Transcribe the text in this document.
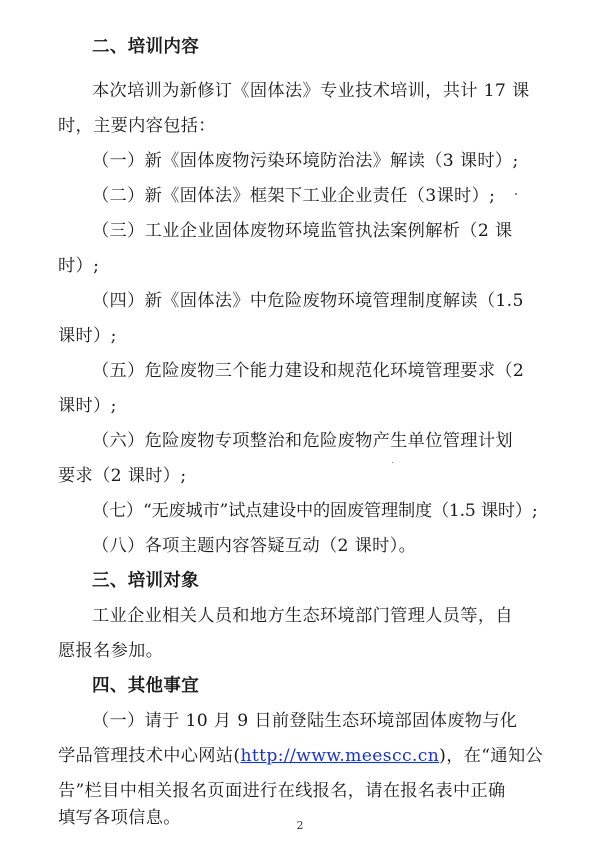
二、培训内容
本次培训为新修订《固体法》专业技术培训，共计 17 课
时，主要内容包括：
（一）新《固体废物污染环境防治法》解读（3 课时）;
（二）新《固体法》框架下工业企业责任（3课时）;
（三）工业企业固体废物环境监管执法案例解析（2 课
时）;
（四）新《固体法》中危险废物环境管理制度解读（1.5
课时）;
（五）危险废物三个能力建设和规范化环境管理要求（2
课时）;
（六）危险废物专项整治和危险废物产生单位管理计划
要求（2 课时）;
（七）“无废城市”试点建设中的固废管理制度（1.5 课时）;
（八）各项主题内容答疑互动（2 课时）。
三、培训对象
工业企业相关人员和地方生态环境部门管理人员等，自
愿报名参加。
四、其他事宜
（一）请于 10 月 9 日前登陆生态环境部固体废物与化
学品管理技术中心网站(http://www.meescc.cn)，在“通知公
告”栏目中相关报名页面进行在线报名，请在报名表中正确
填写各项信息。	2
